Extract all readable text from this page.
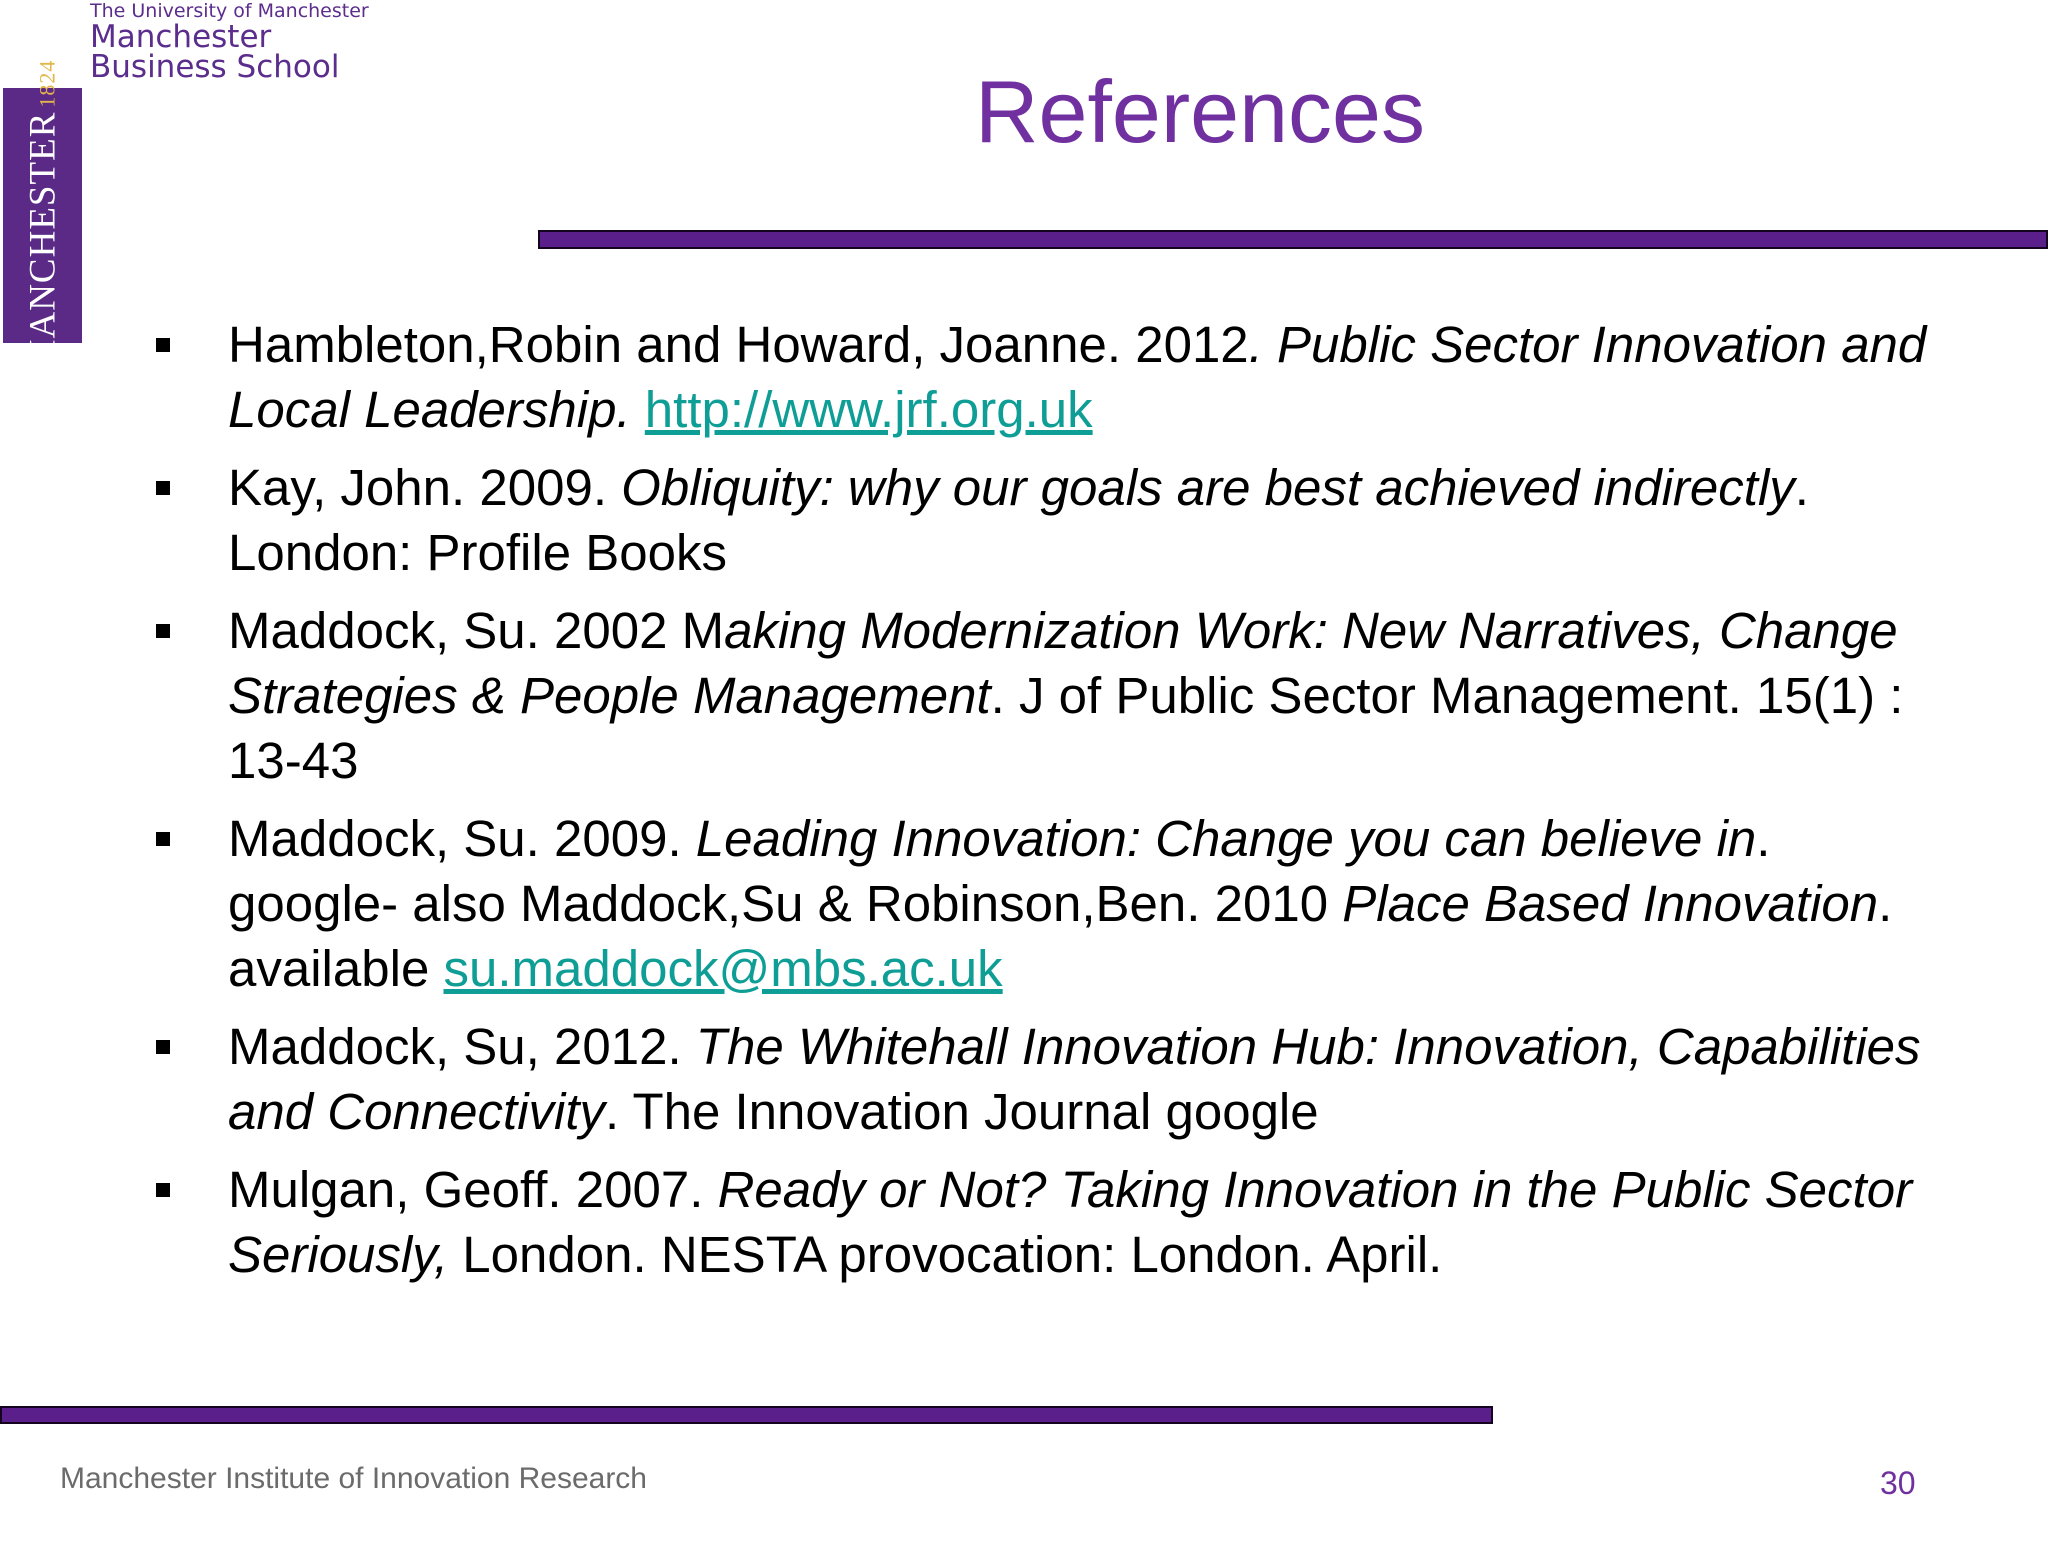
The University of Manchester
Manchester
Business School
MANCHESTER1824	References
Hambleton,Robin and Howard, Joanne. 2012. Public Sector Innovation and Local Leadership. http://www.jrf.org.uk
Kay, John. 2009. Obliquity: why our goals are best achieved indirectly. London: Profile Books
Maddock, Su. 2002 Making Modernization Work: New Narratives, Change Strategies & People Management. J of Public Sector Management. 15(1) : 13-43
Maddock, Su. 2009. Leading Innovation: Change you can believe in. google- also Maddock,Su & Robinson,Ben. 2010 Place Based Innovation. available su.maddock@mbs.ac.uk
Maddock, Su, 2012. The Whitehall Innovation Hub: Innovation, Capabilities and Connectivity. The Innovation Journal google
Mulgan, Geoff. 2007. Ready or Not? Taking Innovation in the Public Sector Seriously, London. NESTA provocation: London. April.
Manchester Institute of Innovation Research	30
